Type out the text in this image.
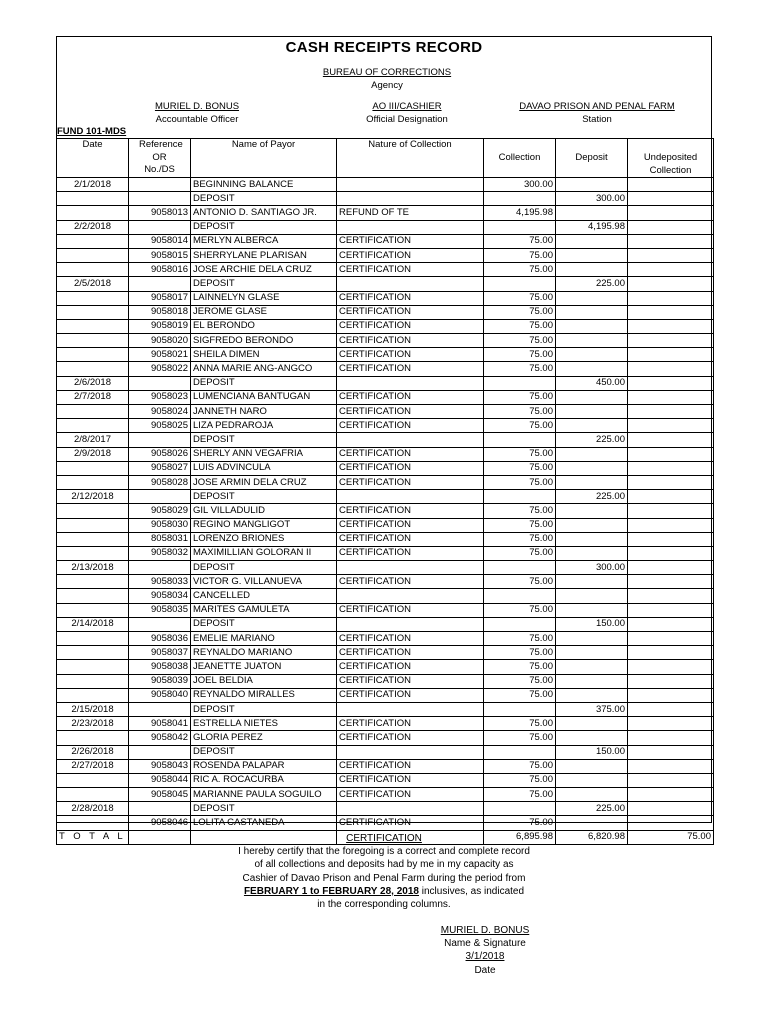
CASH RECEIPTS RECORD
BUREAU OF CORRECTIONS
Agency
MURIEL D. BONUS
Accountable Officer
AO III/CASHIER
Official Designation
DAVAO PRISON AND PENAL FARM
Station
FUND 101-MDS
Date	Reference OR No./DS	Name of Payor	Nature of Collection	Collection	Deposit	Undeposited Collection
2/1/2018		BEGINNING BALANCE		300.00		
		DEPOSIT			300.00	
	9058013	ANTONIO D. SANTIAGO JR.	REFUND OF TE	4,195.98		
2/2/2018		DEPOSIT			4,195.98	
	9058014	MERLYN ALBERCA	CERTIFICATION	75.00		
	9058015	SHERRYLANE PLARISAN	CERTIFICATION	75.00		
	9058016	JOSE ARCHIE DELA CRUZ	CERTIFICATION	75.00		
2/5/2018		DEPOSIT			225.00	
	9058017	LAINNELYN GLASE	CERTIFICATION	75.00		
	9058018	JEROME GLASE	CERTIFICATION	75.00		
	9058019	EL BERONDO	CERTIFICATION	75.00		
	9058020	SIGFREDO BERONDO	CERTIFICATION	75.00		
	9058021	SHEILA DIMEN	CERTIFICATION	75.00		
	9058022	ANNA MARIE ANG-ANGCO	CERTIFICATION	75.00		
2/6/2018		DEPOSIT			450.00	
2/7/2018	9058023	LUMENCIANA BANTUGAN	CERTIFICATION	75.00		
	9058024	JANNETH NARO	CERTIFICATION	75.00		
	9058025	LIZA PEDRAROJA	CERTIFICATION	75.00		
2/8/2017		DEPOSIT			225.00	
2/9/2018	9058026	SHERLY ANN VEGAFRIA	CERTIFICATION	75.00		
	9058027	LUIS ADVINCULA	CERTIFICATION	75.00		
	9058028	JOSE ARMIN DELA CRUZ	CERTIFICATION	75.00		
2/12/2018		DEPOSIT			225.00	
	9058029	GIL VILLADULID	CERTIFICATION	75.00		
	9058030	REGINO MANGLIGOT	CERTIFICATION	75.00		
	8058031	LORENZO BRIONES	CERTIFICATION	75.00		
	9058032	MAXIMILLIAN GOLORAN II	CERTIFICATION	75.00		
2/13/2018		DEPOSIT			300.00	
	9058033	VICTOR G. VILLANUEVA	CERTIFICATION	75.00		
	9058034	CANCELLED				
	9058035	MARITES GAMULETA	CERTIFICATION	75.00		
2/14/2018		DEPOSIT			150.00	
	9058036	EMELIE MARIANO	CERTIFICATION	75.00		
	9058037	REYNALDO MARIANO	CERTIFICATION	75.00		
	9058038	JEANETTE JUATON	CERTIFICATION	75.00		
	9058039	JOEL BELDIA	CERTIFICATION	75.00		
	9058040	REYNALDO MIRALLES	CERTIFICATION	75.00		
2/15/2018		DEPOSIT			375.00	
2/23/2018	9058041	ESTRELLA NIETES	CERTIFICATION	75.00		
	9058042	GLORIA PEREZ	CERTIFICATION	75.00		
2/26/2018		DEPOSIT			150.00	
2/27/2018	9058043	ROSENDA PALAPAR	CERTIFICATION	75.00		
	9058044	RIC A. ROCACURBA	CERTIFICATION	75.00		
	9058045	MARIANNE PAULA SOGUILO	CERTIFICATION	75.00		
2/28/2018		DEPOSIT			225.00	
	9058046	LOLITA CASTANEDA	CERTIFICATION	75.00		
T O T A L				6,895.98	6,820.98	75.00
CERTIFICATION
I hereby certify that the foregoing is a correct and complete record
of all collections and deposits had by me in my capacity as
Cashier of Davao Prison and Penal Farm during the period from
FEBRUARY 1 to FEBRUARY 28, 2018 inclusives, as indicated
in the corresponding columns.
MURIEL D. BONUS
Name & Signature
3/1/2018
Date
